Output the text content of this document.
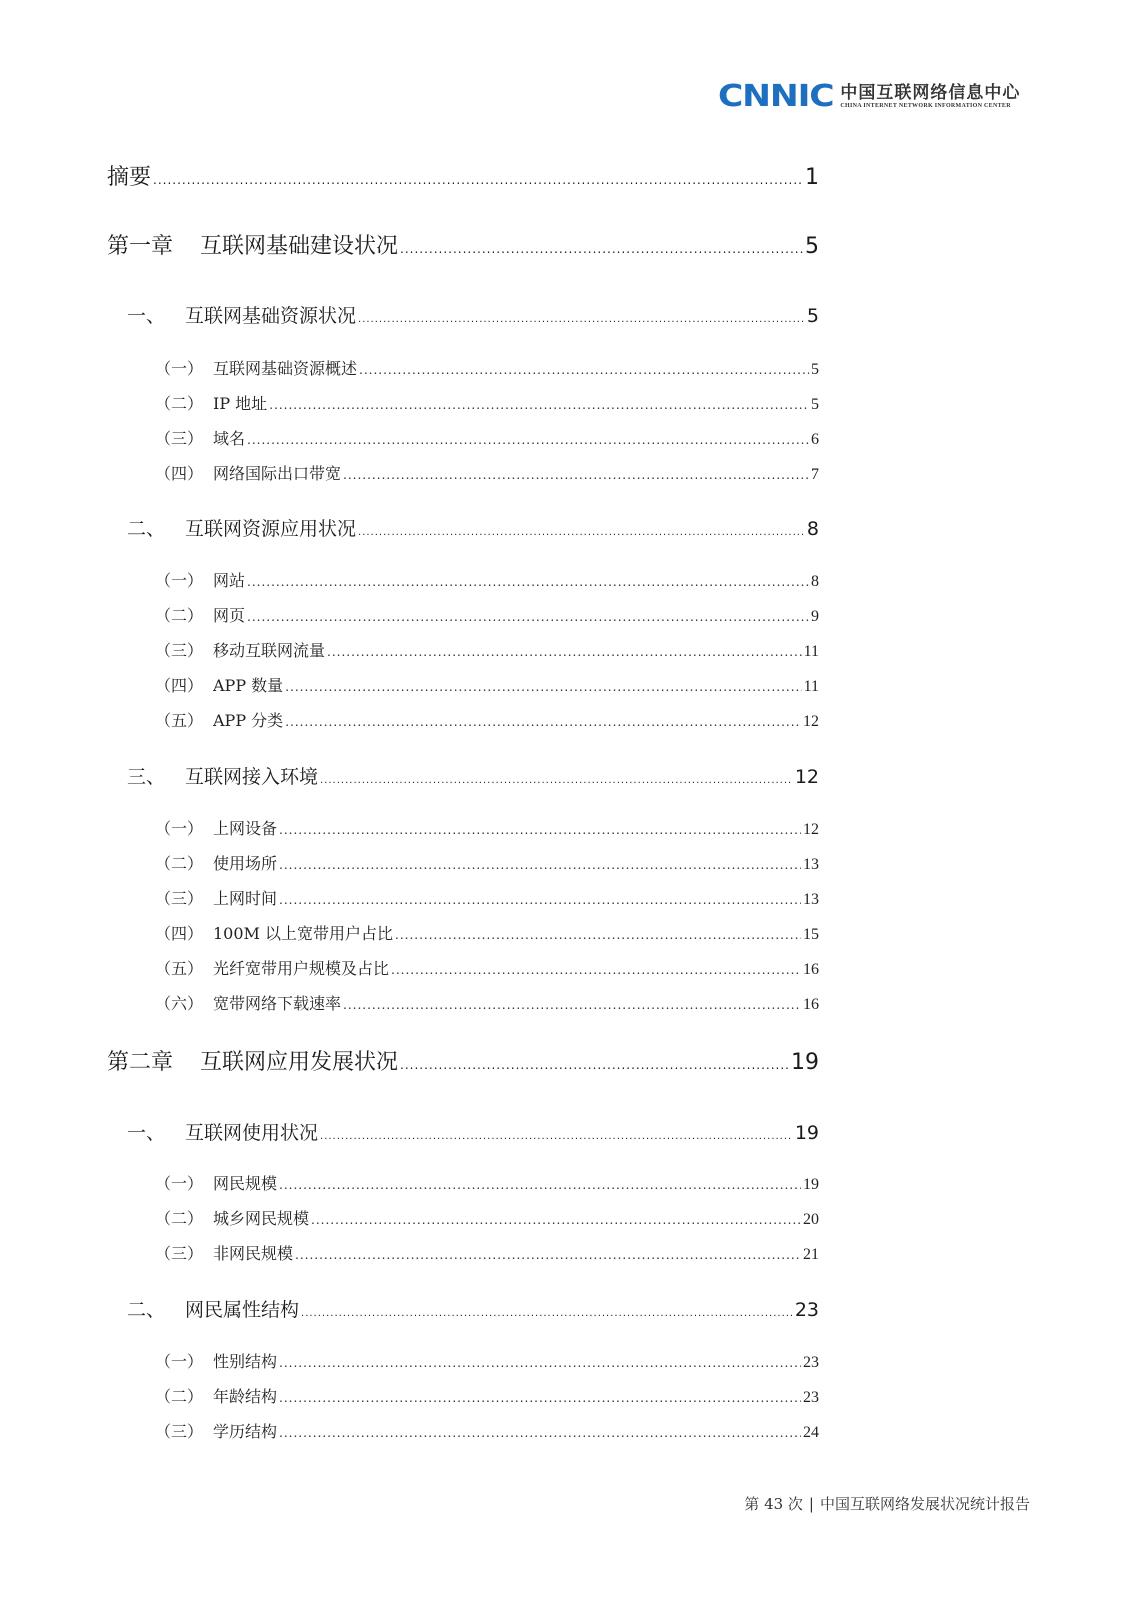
CNNIC 中国互联网络信息中心
CHINA INTERNET NETWORK INFORMATION CENTER
摘要 .....	1
第一章	互联网基础建设状况 .....	5
一、	互联网基础资源状况 .....	5
（一） 互联网基础资源概述 .....	5
（二） IP 地址 .....	5
（三） 域名 .....	6
（四） 网络国际出口带宽 .....	7
二、	互联网资源应用状况 .....	8
（一） 网站 .....	8
（二） 网页 .....	9
（三） 移动互联网流量 .....	11
（四） APP 数量 .....	11
（五） APP 分类 .....	12
三、	互联网接入环境 .....	12
（一） 上网设备 .....	12
（二） 使用场所 .....	13
（三） 上网时间 .....	13
（四） 100M 以上宽带用户占比 .....	15
（五） 光纤宽带用户规模及占比 .....	16
（六） 宽带网络下载速率 .....	16
第二章	互联网应用发展状况 .....	19
一、	互联网使用状况 .....	19
（一） 网民规模 .....	19
（二） 城乡网民规模 .....	20
（三） 非网民规模 .....	21
二、	网民属性结构 .....	23
（一） 性别结构 .....	23
（二） 年龄结构 .....	23
（三） 学历结构 .....	24
第 43 次 | 中国互联网络发展状况统计报告
